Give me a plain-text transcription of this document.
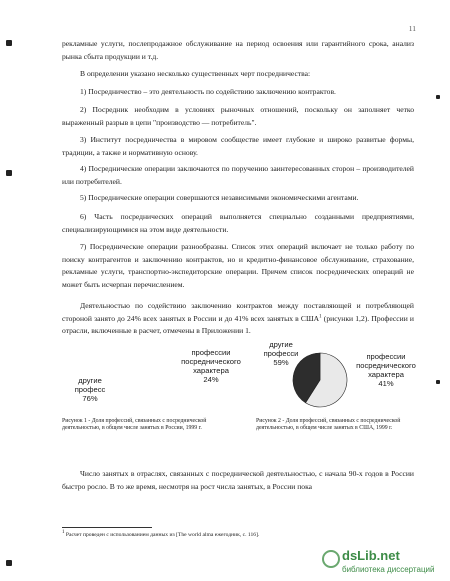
11
рекламные услуги, послепродажное обслуживание на период освоения или гарантийного срока, анализ рынка сбыта продукции и т.д.
В определении указано несколько существенных черт посредничества:
1) Посредничество – это деятельность по содействию заключению контрактов.
2) Посредник необходим в условиях рыночных отношений, поскольку он заполняет четко выраженный разрыв в цепи "производство — потребитель".
3) Институт посредничества в мировом сообществе имеет глубокие и широко развитые формы, традиции, а также и нормативную основу.
4) Посреднические операции заключаются по поручению заинтересованных сторон – производителей или потребителей.
5) Посреднические операции совершаются независимыми экономическими агентами.
6) Часть посреднических операций выполняется специально созданными предприятиями, специализирующимися на этом виде деятельности.
7) Посреднические операции разнообразны. Список этих операций включает не только работу по поиску контрагентов и заключению контрактов, но и кредитно-финансовое обслуживание, страхование, рекламные услуги, транспортно-экспедиторские операции. Причем список посреднических операций не может быть исчерпан перечислением.
Деятельностью по содействию заключению контрактов между поставляющей и потребляющей стороной занято до 24% всех занятых в России и до 41% всех занятых в США$^1$ (рисунки 1,2). Профессии и отрасли, включенные в расчет, отмечены в Приложении 1.
другие
професс
76%
профессии
посреднического характера
24%
Рисунок 1 - Доля профессий, связанных с посреднической деятельностью, в общем числе занятых в России, 1999 г.
другие
професси
59%
профессии
посреднического характера
41%
Рисунок 2 - Доля профессий, связанных с посреднической деятельностью, в общем числе занятых в США, 1999 г.
Число занятых в отраслях, связанных с посреднической деятельностью, с начала 90-х годов в России быстро росло. В то же время, несмотря на рост числа занятых, в России пока
$^1$ Расчет проведен с использованием данных из [The world alma ежегодник, с. 116].
dsLib.net
библиотека диссертаций
